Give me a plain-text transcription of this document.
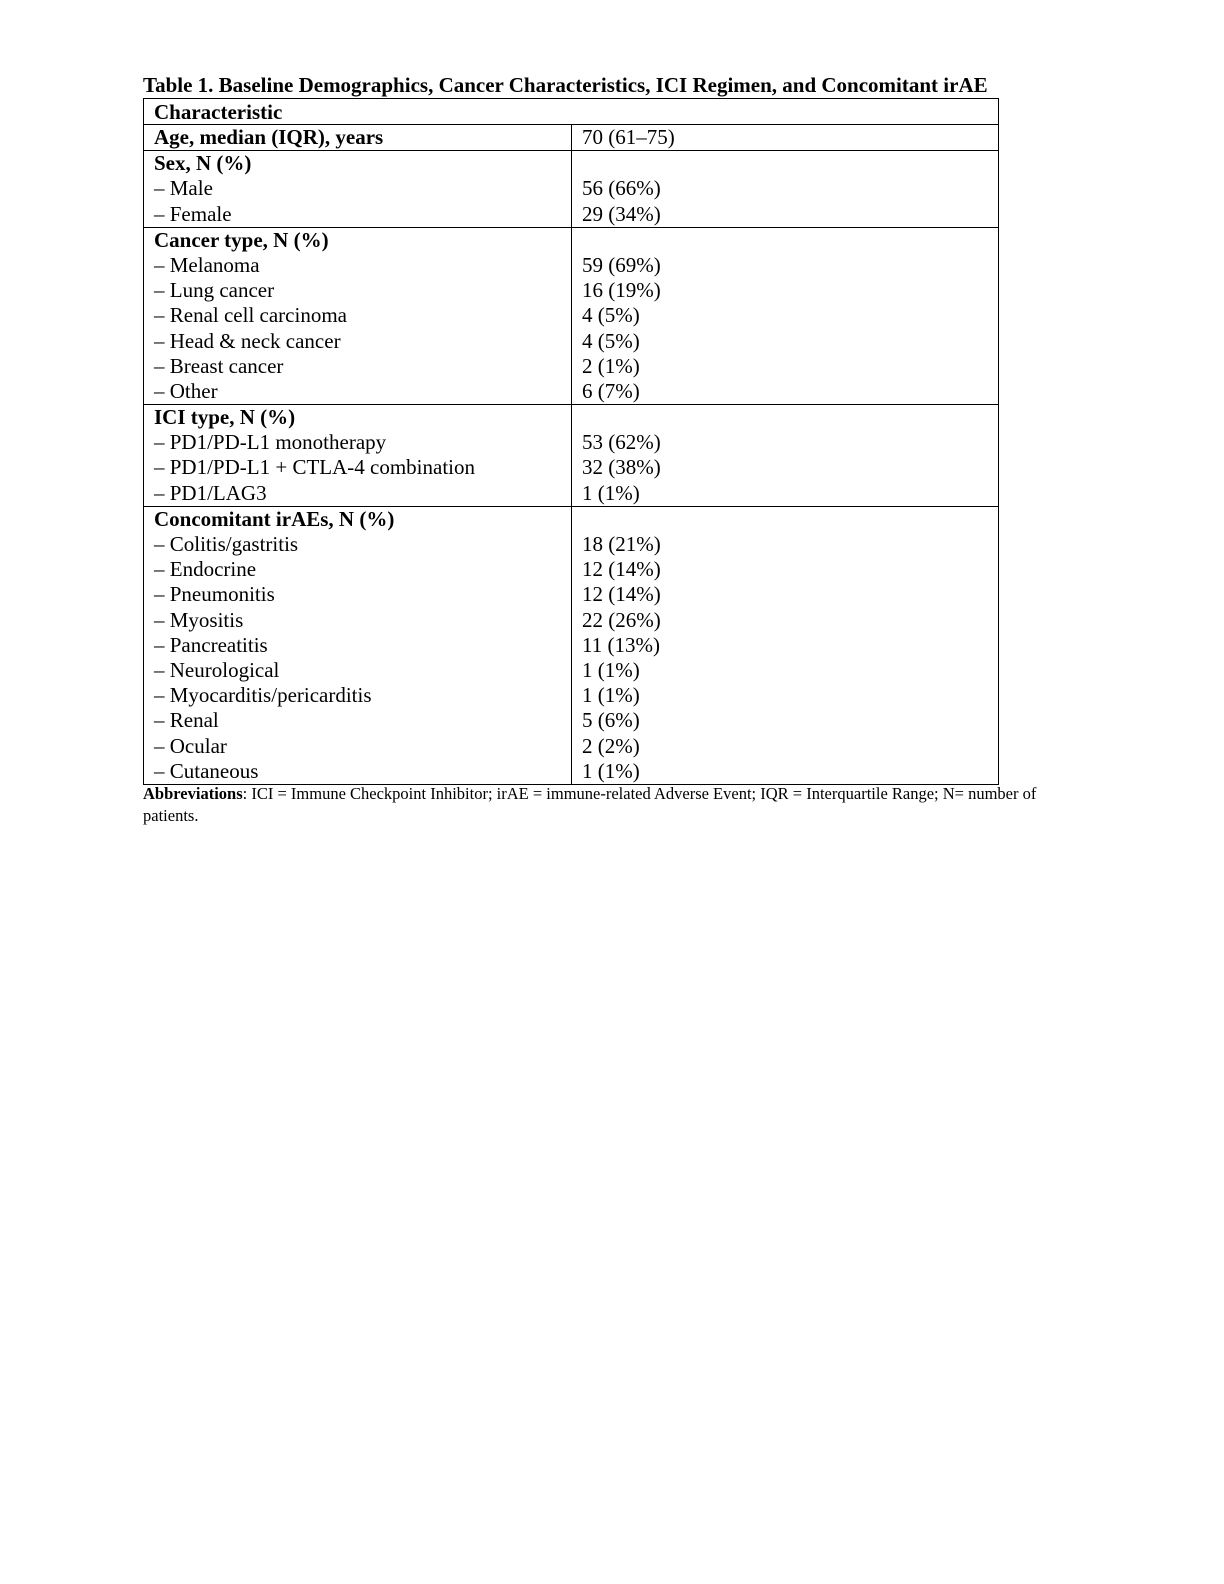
Table 1. Baseline Demographics, Cancer Characteristics, ICI Regimen, and Concomitant irAE
Characteristic
Age, median (IQR), years	70 (61–75)
Sex, N (%)
– Male
– Female
56 (66%)
29 (34%)
Cancer type, N (%)
– Melanoma
– Lung cancer
– Renal cell carcinoma
– Head & neck cancer
– Breast cancer
– Other
59 (69%)
16 (19%)
4 (5%)
4 (5%)
2 (1%)
6 (7%)
ICI type, N (%)
– PD1/PD-L1 monotherapy
– PD1/PD-L1 + CTLA-4 combination
– PD1/LAG3
53 (62%)
32 (38%)
1 (1%)
Concomitant irAEs, N (%)
– Colitis/gastritis
– Endocrine
– Pneumonitis
– Myositis
– Pancreatitis
– Neurological
– Myocarditis/pericarditis
– Renal
– Ocular
– Cutaneous
18 (21%)
12 (14%)
12 (14%)
22 (26%)
11 (13%)
1 (1%)
1 (1%)
5 (6%)
2 (2%)
1 (1%)
Abbreviations: ICI = Immune Checkpoint Inhibitor; irAE = immune-related Adverse Event; IQR = Interquartile Range; N= number of patients.
